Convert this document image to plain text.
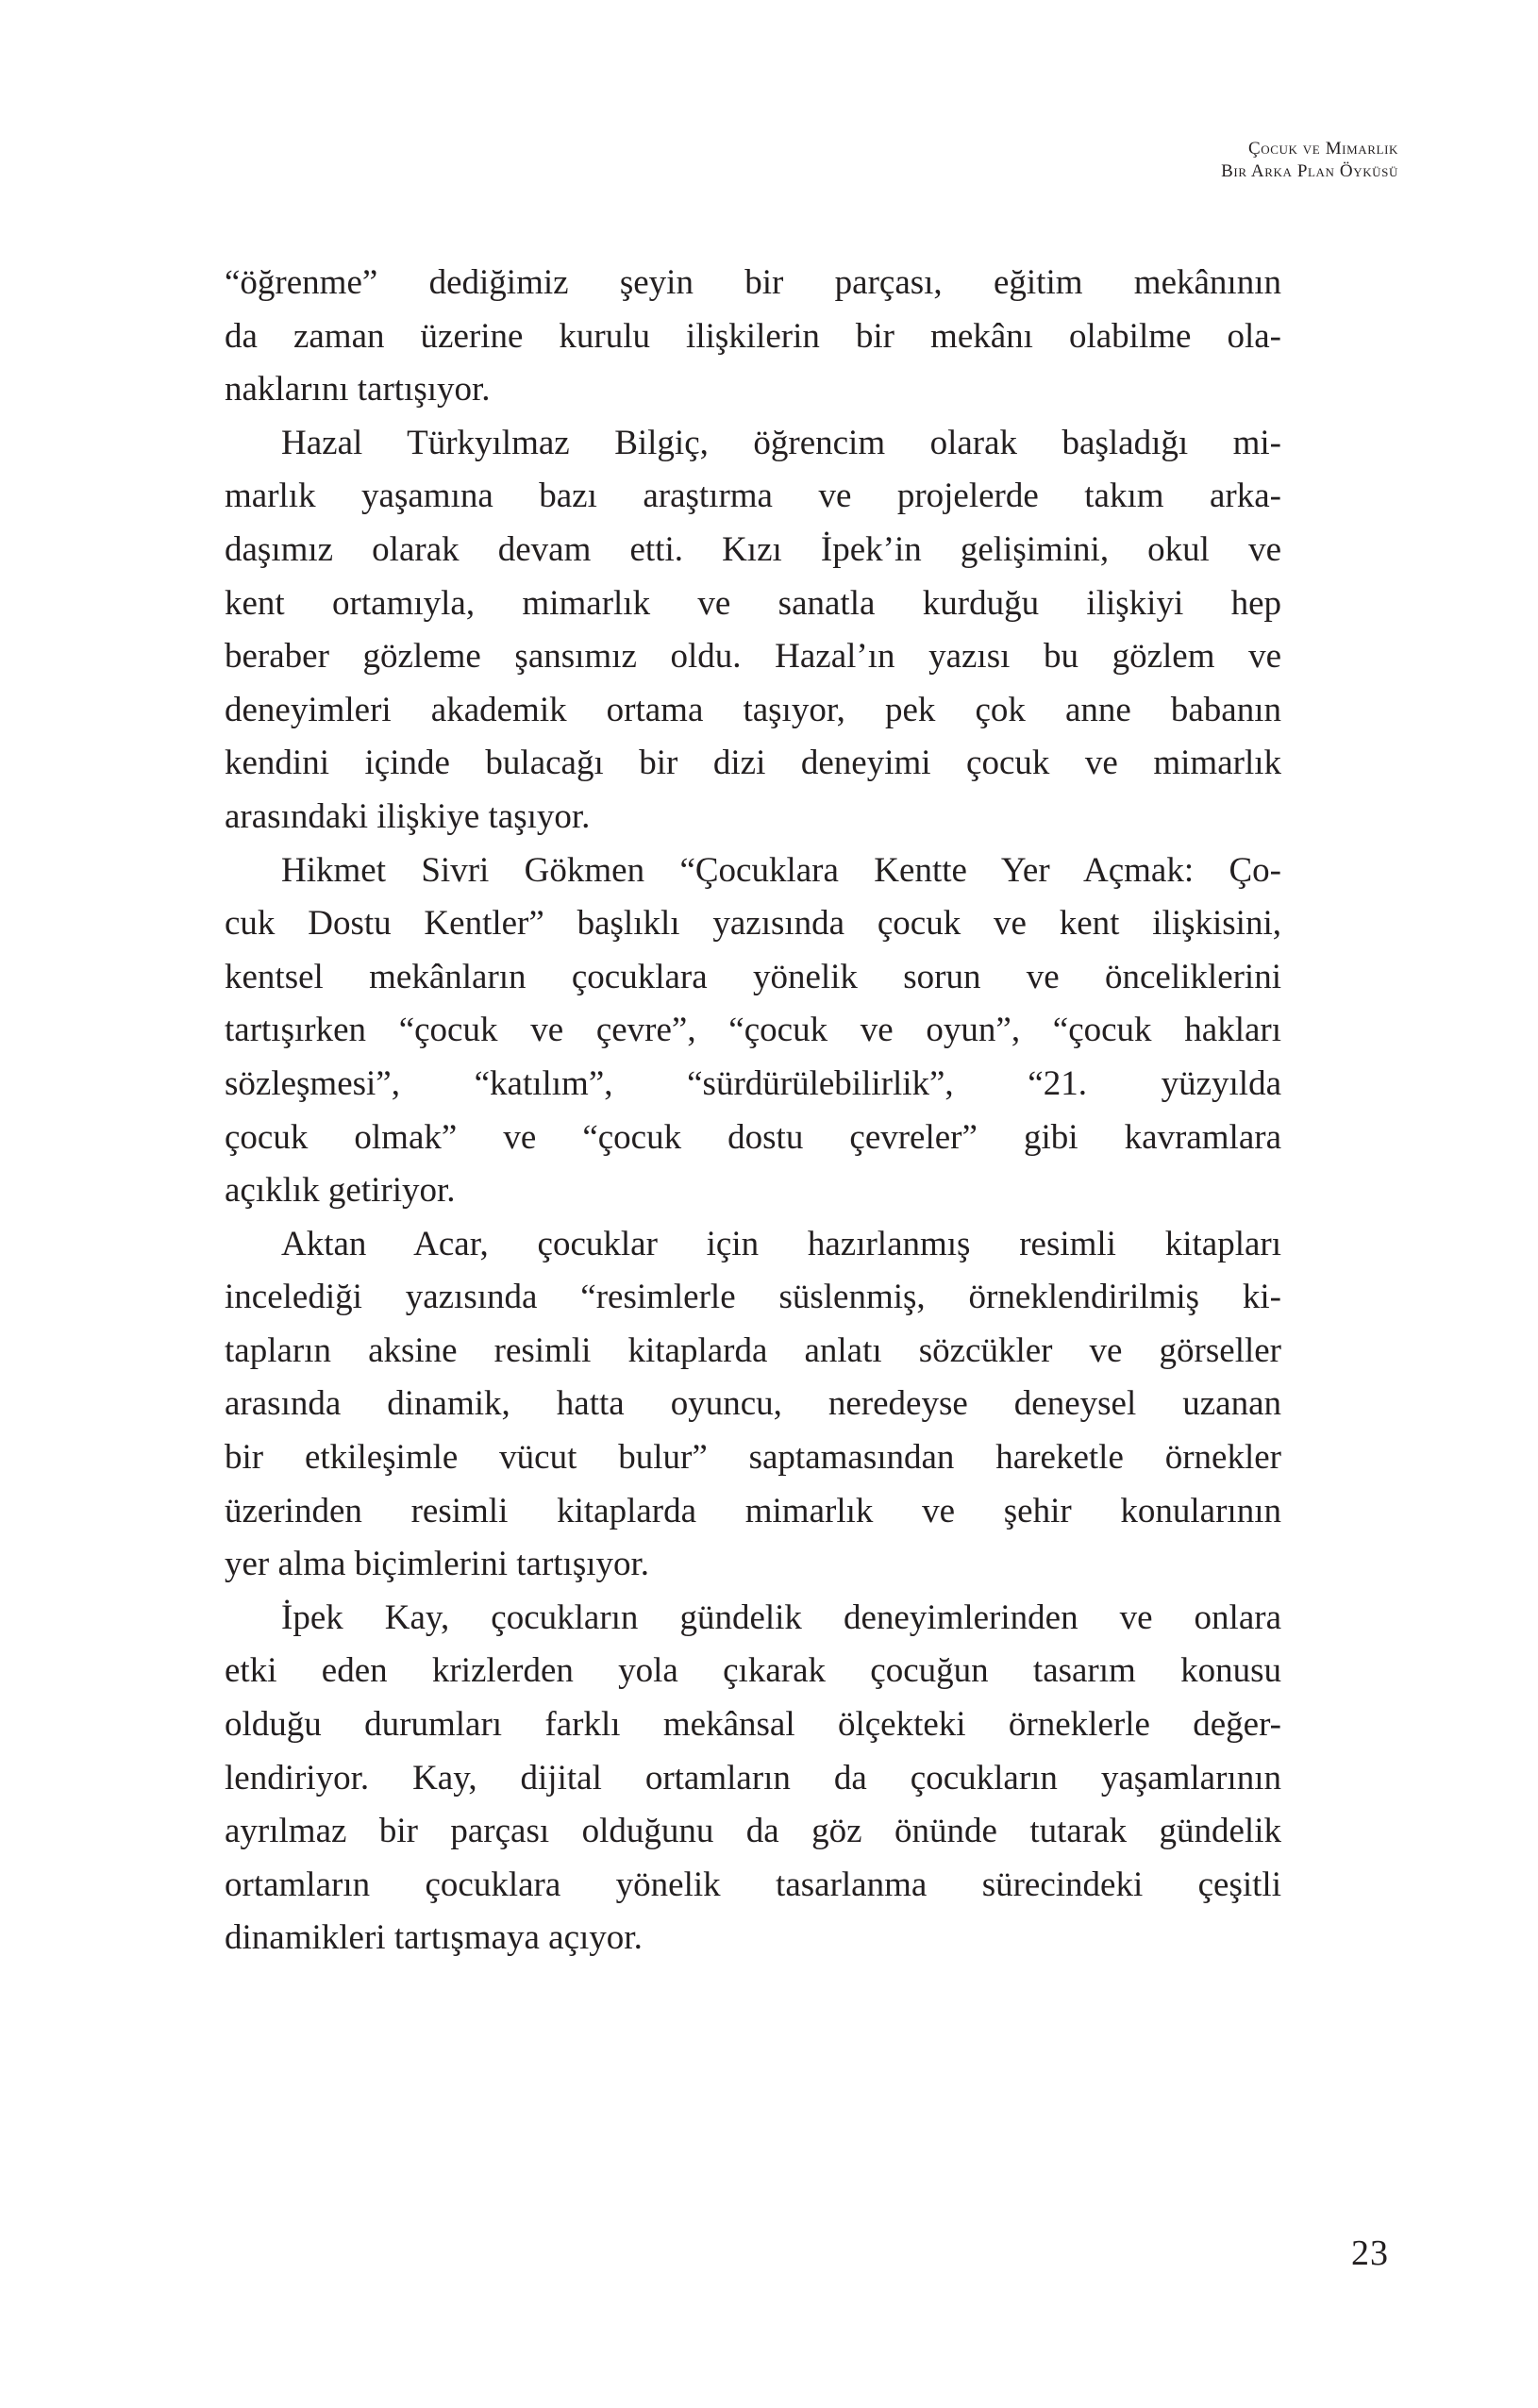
Çocuk ve Mimarlık
Bir Arka Plan Öyküsü
“öğrenme” dediğimiz şeyin bir parçası, eğitim mekânının
da zaman üzerine kurulu ilişkilerin bir mekânı olabilme ola-
naklarını tartışıyor.
Hazal Türkyılmaz Bilgiç, öğrencim olarak başladığı mi-
marlık yaşamına bazı araştırma ve projelerde takım arka-
daşımız olarak devam etti. Kızı İpek’in gelişimini, okul ve
kent ortamıyla, mimarlık ve sanatla kurduğu ilişkiyi hep
beraber gözleme şansımız oldu. Hazal’ın yazısı bu gözlem ve
deneyimleri akademik ortama taşıyor, pek çok anne babanın
kendini içinde bulacağı bir dizi deneyimi çocuk ve mimarlık
arasındaki ilişkiye taşıyor.
Hikmet Sivri Gökmen “Çocuklara Kentte Yer Açmak: Ço-
cuk Dostu Kentler” başlıklı yazısında çocuk ve kent ilişkisini,
kentsel mekânların çocuklara yönelik sorun ve önceliklerini
tartışırken “çocuk ve çevre”, “çocuk ve oyun”, “çocuk hakları
sözleşmesi”, “katılım”, “sürdürülebilirlik”, “21. yüzyılda
çocuk olmak” ve “çocuk dostu çevreler” gibi kavramlara
açıklık getiriyor.
Aktan Acar, çocuklar için hazırlanmış resimli kitapları
incelediği yazısında “resimlerle süslenmiş, örneklendirilmiş ki-
tapların aksine resimli kitaplarda anlatı sözcükler ve görseller
arasında dinamik, hatta oyuncu, neredeyse deneysel uzanan
bir etkileşimle vücut bulur” saptamasından hareketle örnekler
üzerinden resimli kitaplarda mimarlık ve şehir konularının
yer alma biçimlerini tartışıyor.
İpek Kay, çocukların gündelik deneyimlerinden ve onlara
etki eden krizlerden yola çıkarak çocuğun tasarım konusu
olduğu durumları farklı mekânsal ölçekteki örneklerle değer-
lendiriyor. Kay, dijital ortamların da çocukların yaşamlarının
ayrılmaz bir parçası olduğunu da göz önünde tutarak gündelik
ortamların çocuklara yönelik tasarlanma sürecindeki çeşitli
dinamikleri tartışmaya açıyor.
23
